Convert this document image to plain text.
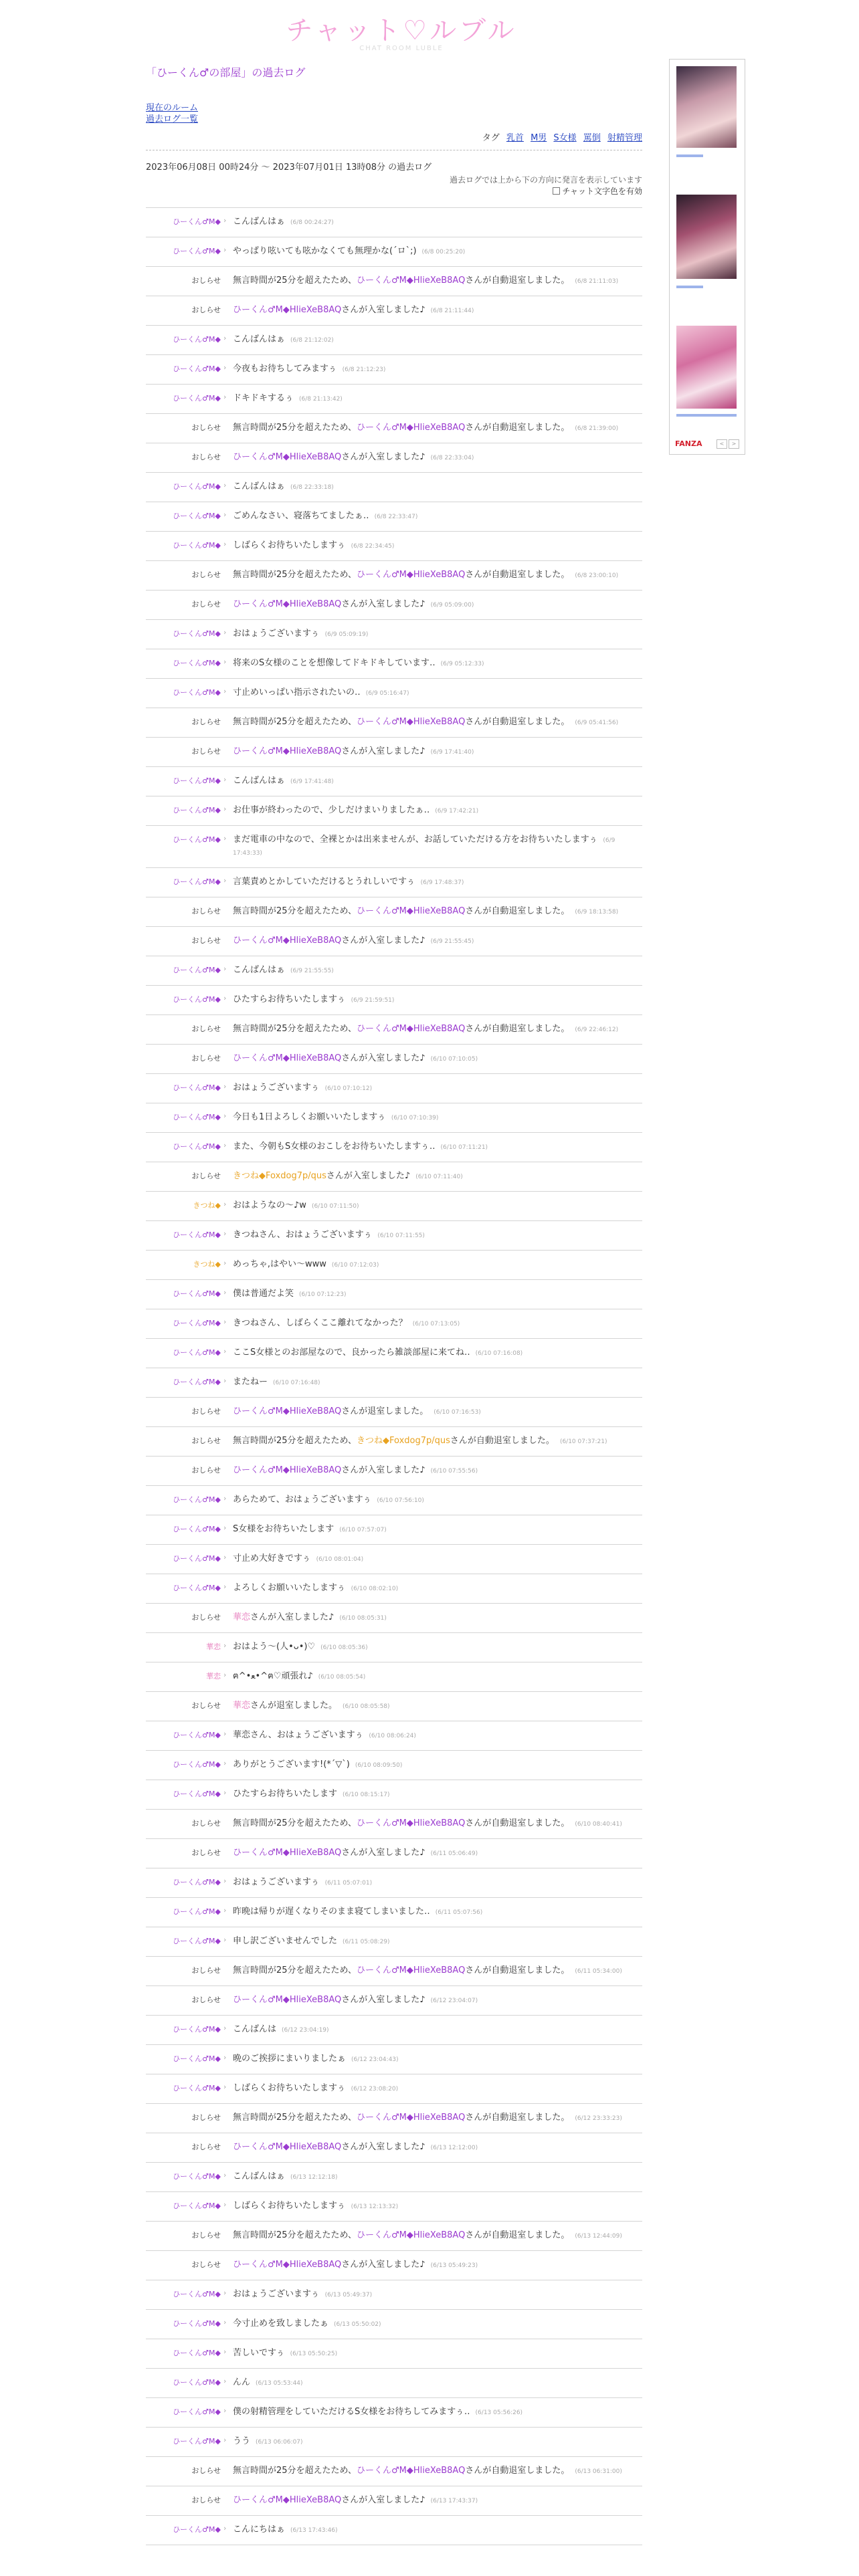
チャット♡ルブル
CHAT ROOM LUBLE
「ひーくん♂の部屋」の過去ログ
現在のルーム
過去ログ一覧
タグ 乳首 M男 S女様 罵倒 射精管理
2023年06月08日 00時24分 〜 2023年07月01日 13時08分 の過去ログ
過去ログでは上から下の方向に発言を表示しています
チャット文字色を有効
ひーくん♂M◆ › こんばんはぁ (6/8 00:24:27)
ひーくん♂M◆ › やっぱり呟いても呟かなくても無理かな(´ロ`;) (6/8 00:25:20)
おしらせ 無言時間が25分を超えたため、ひーくん♂M◆HlieXeB8AQさんが自動退室しました。 (6/8 21:11:03)
おしらせ ひーくん♂M◆HlieXeB8AQさんが入室しました♪ (6/8 21:11:44)
ひーくん♂M◆ › こんばんはぁ (6/8 21:12:02)
ひーくん♂M◆ › 今夜もお待ちしてみますぅ (6/8 21:12:23)
ひーくん♂M◆ › ドキドキするぅ (6/8 21:13:42)
おしらせ 無言時間が25分を超えたため、ひーくん♂M◆HlieXeB8AQさんが自動退室しました。 (6/8 21:39:00)
おしらせ ひーくん♂M◆HlieXeB8AQさんが入室しました♪ (6/8 22:33:04)
ひーくん♂M◆ › こんばんはぁ (6/8 22:33:18)
ひーくん♂M◆ › ごめんなさい、寝落ちてましたぁ‥ (6/8 22:33:47)
ひーくん♂M◆ › しばらくお待ちいたしますぅ (6/8 22:34:45)
おしらせ 無言時間が25分を超えたため、ひーくん♂M◆HlieXeB8AQさんが自動退室しました。 (6/8 23:00:10)
おしらせ ひーくん♂M◆HlieXeB8AQさんが入室しました♪ (6/9 05:09:00)
ひーくん♂M◆ › おはょうございますぅ (6/9 05:09:19)
ひーくん♂M◆ › 将来のS女様のことを想像してドキドキしています‥ (6/9 05:12:33)
ひーくん♂M◆ › 寸止めいっぱい指示されたいの‥ (6/9 05:16:47)
おしらせ 無言時間が25分を超えたため、ひーくん♂M◆HlieXeB8AQさんが自動退室しました。 (6/9 05:41:56)
おしらせ ひーくん♂M◆HlieXeB8AQさんが入室しました♪ (6/9 17:41:40)
ひーくん♂M◆ › こんばんはぁ (6/9 17:41:48)
ひーくん♂M◆ › お仕事が終わったので、少しだけまいりましたぁ‥ (6/9 17:42:21)
ひーくん♂M◆ › まだ電車の中なので、全裸とかは出来ませんが、お話していただける方をお待ちいたしますぅ (6/9 17:43:33)
ひーくん♂M◆ › 言葉責めとかしていただけるとうれしいですぅ (6/9 17:48:37)
おしらせ 無言時間が25分を超えたため、ひーくん♂M◆HlieXeB8AQさんが自動退室しました。 (6/9 18:13:58)
おしらせ ひーくん♂M◆HlieXeB8AQさんが入室しました♪ (6/9 21:55:45)
ひーくん♂M◆ › こんばんはぁ (6/9 21:55:55)
ひーくん♂M◆ › ひたすらお待ちいたしますぅ (6/9 21:59:51)
おしらせ 無言時間が25分を超えたため、ひーくん♂M◆HlieXeB8AQさんが自動退室しました。 (6/9 22:46:12)
おしらせ ひーくん♂M◆HlieXeB8AQさんが入室しました♪ (6/10 07:10:05)
ひーくん♂M◆ › おはょうございますぅ (6/10 07:10:12)
ひーくん♂M◆ › 今日も1日よろしくお願いいたしますぅ (6/10 07:10:39)
ひーくん♂M◆ › また、今朝もS女様のおこしをお待ちいたしますぅ‥ (6/10 07:11:21)
おしらせ きつね◆Foxdog7p/qusさんが入室しました♪ (6/10 07:11:40)
きつね◆ › おはようなの〜♪w (6/10 07:11:50)
ひーくん♂M◆ › きつねさん、おはょうございますぅ (6/10 07:11:55)
きつね◆ › めっちゃ,はやい〜www (6/10 07:12:03)
ひーくん♂M◆ › 僕は普通だよ笑 (6/10 07:12:23)
ひーくん♂M◆ › きつねさん、しばらくここ離れてなかった？ (6/10 07:13:05)
ひーくん♂M◆ › ここS女様とのお部屋なので、良かったら雑談部屋に来てね‥ (6/10 07:16:08)
ひーくん♂M◆ › またねー (6/10 07:16:48)
おしらせ ひーくん♂M◆HlieXeB8AQさんが退室しました。 (6/10 07:16:53)
おしらせ 無言時間が25分を超えたため、きつね◆Foxdog7p/qusさんが自動退室しました。 (6/10 07:37:21)
おしらせ ひーくん♂M◆HlieXeB8AQさんが入室しました♪ (6/10 07:55:56)
ひーくん♂M◆ › あらためて、おはょうございますぅ (6/10 07:56:10)
ひーくん♂M◆ › S女様をお待ちいたします (6/10 07:57:07)
ひーくん♂M◆ › 寸止め大好きですぅ (6/10 08:01:04)
ひーくん♂M◆ › よろしくお願いいたしますぅ (6/10 08:02:10)
おしらせ 華恋さんが入室しました♪ (6/10 08:05:31)
華恋 › おはよう〜(人•ᴗ•)♡ (6/10 08:05:36)
華恋 › ฅ^•ﻌ•^ฅ♡頑張れ♪ (6/10 08:05:54)
おしらせ 華恋さんが退室しました。 (6/10 08:05:58)
ひーくん♂M◆ › 華恋さん、おはょうございますぅ (6/10 08:06:24)
ひーくん♂M◆ › ありがとうございます!(*´▽`) (6/10 08:09:50)
ひーくん♂M◆ › ひたすらお待ちいたします (6/10 08:15:17)
おしらせ 無言時間が25分を超えたため、ひーくん♂M◆HlieXeB8AQさんが自動退室しました。 (6/10 08:40:41)
おしらせ ひーくん♂M◆HlieXeB8AQさんが入室しました♪ (6/11 05:06:49)
ひーくん♂M◆ › おはょうございますぅ (6/11 05:07:01)
ひーくん♂M◆ › 昨晩は帰りが遅くなりそのまま寝てしまいました‥ (6/11 05:07:56)
ひーくん♂M◆ › 申し訳ございませんでした (6/11 05:08:29)
おしらせ 無言時間が25分を超えたため、ひーくん♂M◆HlieXeB8AQさんが自動退室しました。 (6/11 05:34:00)
おしらせ ひーくん♂M◆HlieXeB8AQさんが入室しました♪ (6/12 23:04:07)
ひーくん♂M◆ › こんばんは (6/12 23:04:19)
ひーくん♂M◆ › 晩のご挨拶にまいりましたぁ (6/12 23:04:43)
ひーくん♂M◆ › しばらくお待ちいたしますぅ (6/12 23:08:20)
おしらせ 無言時間が25分を超えたため、ひーくん♂M◆HlieXeB8AQさんが自動退室しました。 (6/12 23:33:23)
おしらせ ひーくん♂M◆HlieXeB8AQさんが入室しました♪ (6/13 12:12:00)
ひーくん♂M◆ › こんばんはぁ (6/13 12:12:18)
ひーくん♂M◆ › しばらくお待ちいたしますぅ (6/13 12:13:32)
おしらせ 無言時間が25分を超えたため、ひーくん♂M◆HlieXeB8AQさんが自動退室しました。 (6/13 12:44:09)
おしらせ ひーくん♂M◆HlieXeB8AQさんが入室しました♪ (6/13 05:49:23)
ひーくん♂M◆ › おはょうございますぅ (6/13 05:49:37)
ひーくん♂M◆ › 今寸止めを致しましたぁ (6/13 05:50:02)
ひーくん♂M◆ › 苦しいですぅ (6/13 05:50:25)
ひーくん♂M◆ › んん (6/13 05:53:44)
ひーくん♂M◆ › 僕の射精管理をしていただけるS女様をお待ちしてみますぅ‥ (6/13 05:56:26)
ひーくん♂M◆ › うう (6/13 06:06:07)
おしらせ 無言時間が25分を超えたため、ひーくん♂M◆HlieXeB8AQさんが自動退室しました。 (6/13 06:31:00)
おしらせ ひーくん♂M◆HlieXeB8AQさんが入室しました♪ (6/13 17:43:37)
ひーくん♂M◆ › こんにちはぁ (6/13 17:43:46)
FANZA	<	>
